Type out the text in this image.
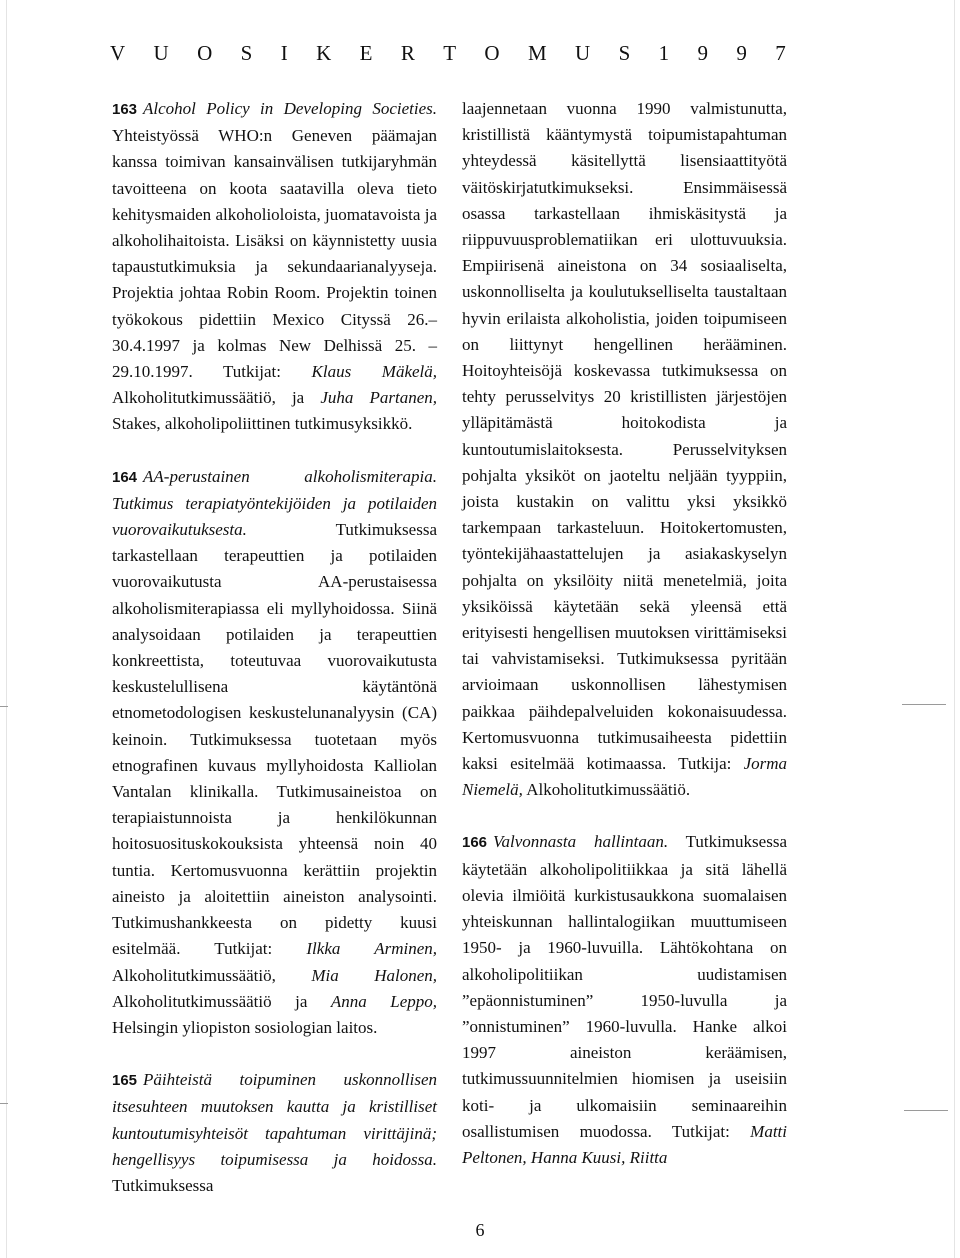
V U O S I K E R T O M U S 1 9 9 7

163 Alcohol Policy in Developing Societies. Yhteistyössä WHO:n Geneven päämajan kanssa toimivan kansainvälisen tutkijaryhmän tavoitteena on koota saatavilla oleva tieto kehitysmaiden alkoholioloista, juomatavoista ja alkoholihaitoista. Lisäksi on käynnistetty uusia tapaustutkimuksia ja sekundaarianalyyseja. Projektia johtaa Robin Room. Projektin toinen työkokous pidettiin Mexico Cityssä 26.–30.4.1997 ja kolmas New Delhissä 25. – 29.10.1997. Tutkijat: Klaus Mäkelä, Alkoholitutkimussäätiö, ja Juha Partanen, Stakes, alkoholipoliittinen tutkimusyksikkö.

164 AA-perustainen alkoholismiterapia. Tutkimus terapiatyöntekijöiden ja potilaiden vuorovaikutuksesta.	Tutkimuksessa tarkastellaan terapeuttien ja potilaiden vuorovaikutusta AA-perustaisessa alkoholismiterapiassa eli myllyhoidossa. Siinä analysoidaan potilaiden ja terapeuttien konkreettista, toteutuvaa vuorovaikutusta keskustelullisena käytäntönä etnometodologisen keskustelunanalyysin (CA) keinoin. Tutkimuksessa tuotetaan myös etnografinen kuvaus myllyhoidosta Kalliolan Vantalan klinikalla. Tutkimusaineistoa on terapiaistunnoista ja henkilökunnan hoitosuosituskokouksista yhteensä noin 40 tuntia. Kertomusvuonna kerättiin projektin aineisto ja aloitettiin aineiston analysointi. Tutkimushankkeesta on pidetty kuusi esitelmää. Tutkijat: Ilkka Arminen, Alkoholitutkimussäätiö, Mia Halonen, Alkoholitutkimussäätiö ja Anna Leppo, Helsingin yliopiston sosiologian laitos.

165 Päihteistä toipuminen uskonnollisen itsesuhteen muutoksen kautta ja kristilliset kuntoutumisyhteisöt tapahtuman virittäjinä; hengellisyys toipumisessa ja hoidossa. Tutkimuksessa

laajennetaan vuonna 1990 valmistunutta, kristillistä kääntymystä toipumistapahtuman yhteydessä käsitellyttä lisensiaattityötä väitöskirjatutkimukseksi. Ensimmäisessä osassa tarkastellaan ihmiskäsitystä ja riippuvuusproblematiikan eri ulottuvuuksia. Empiirisenä aineistona on 34 sosiaaliselta, uskonnolliselta ja koulutukselliselta taustaltaan hyvin erilaista alkoholistia, joiden toipumiseen on liittynyt hengellinen herääminen. Hoitoyhteisöjä koskevassa tutkimuksessa on tehty perusselvitys 20 kristillisten järjestöjen ylläpitämästä hoitokodista ja kuntoutumislaitoksesta. Perusselvityksen pohjalta yksiköt on jaoteltu neljään tyyppiin, joista kustakin on valittu yksi yksikkö tarkempaan tarkasteluun. Hoitokertomusten, työntekijähaastattelujen ja asiakaskyselyn pohjalta on yksilöity niitä menetelmiä, joita yksiköissä käytetään sekä yleensä että erityisesti hengellisen muutoksen virittämiseksi tai vahvistamiseksi. Tutkimuksessa pyritään arvioimaan uskonnollisen lähestymisen paikkaa päihdepalveluiden kokonaisuudessa. Kertomusvuonna tutkimusaiheesta pidettiin kaksi esitelmää kotimaassa. Tutkija: Jorma Niemelä, Alkoholitutkimussäätiö.

166 Valvonnasta hallintaan. Tutkimuksessa käytetään alkoholipolitiikkaa ja sitä lähellä olevia ilmiöitä kurkistusaukkona suomalaisen yhteiskunnan hallintalogiikan muuttumiseen 1950- ja 1960-luvuilla. Lähtökohtana on alkoholipolitiikan uudistamisen ”epäonnistuminen” 1950-luvulla ja ”onnistuminen” 1960-luvulla. Hanke alkoi 1997 aineiston keräämisen, tutkimussuunnitelmien hiomisen ja useisiin koti- ja ulkomaisiin seminaareihin osallistumisen muodossa. Tutkijat: Matti Peltonen, Hanna Kuusi, Riitta

6
